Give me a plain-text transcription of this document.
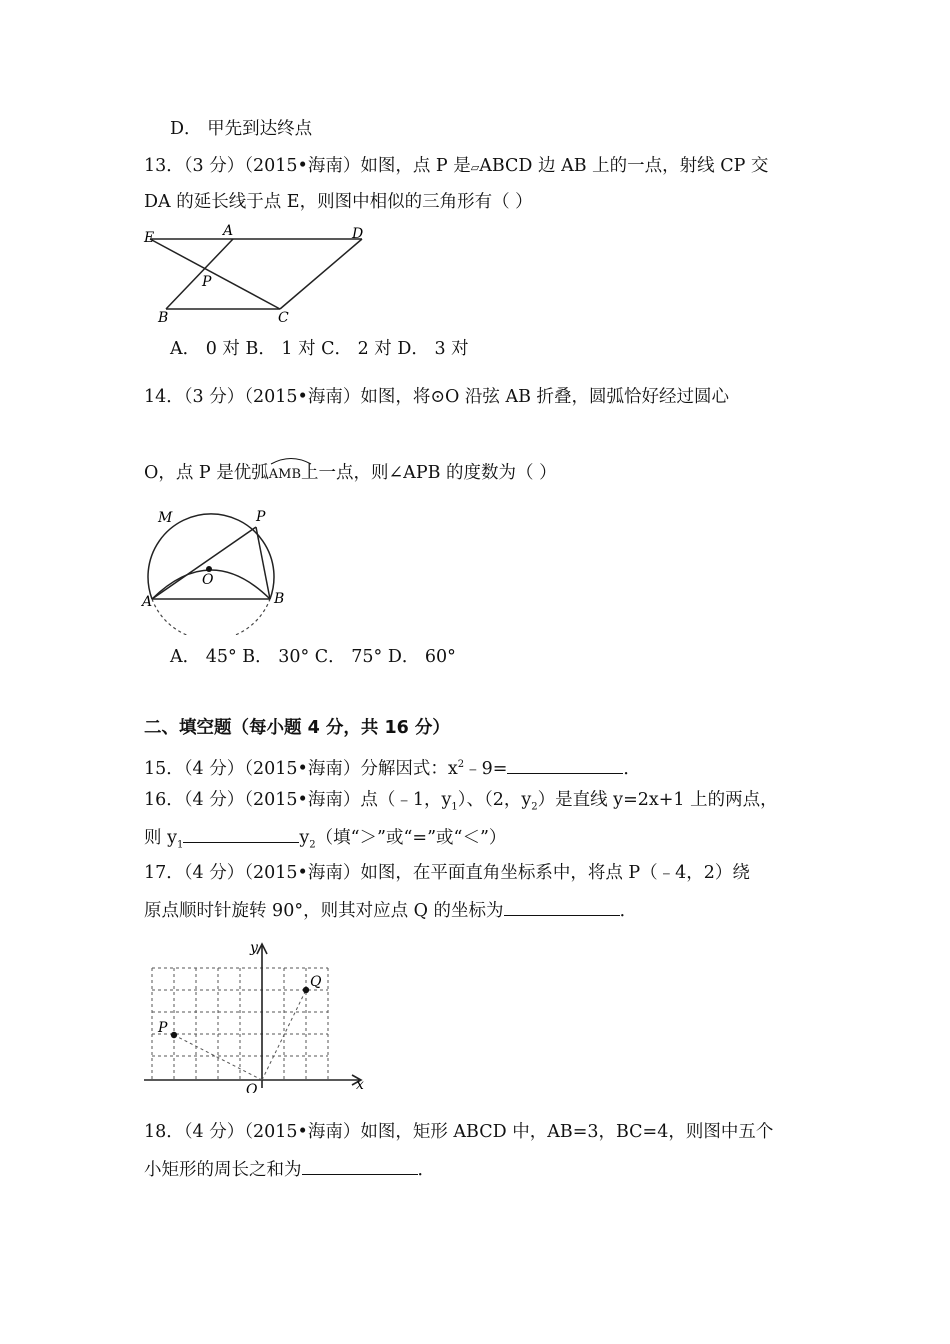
D． 甲先到达终点
13．（3 分）（2015•海南）如图，点 P 是▱ABCD 边 AB 上的一点，射线 CP 交
DA 的延长线于点 E，则图中相似的三角形有（ ）
E	A	D
P
B	C
A． 0 对 B． 1 对 C． 2 对 D． 3 对
14．（3 分）（2015•海南）如图，将⊙O 沿弦 AB 折叠，圆弧恰好经过圆心
O，点 P 是优弧
AMB上一点，则∠APB 的度数为（ ）
M	P
O
A	B
A． 45° B． 30° C． 75° D． 60°
二、填空题（每小题 4 分，共 16 分）
15．（4 分）（2015•海南）分解因式：$x^2﹣9=$	．
16．（4 分）（2015•海南）点（﹣1，$y_1$）、（2，$y_2$）是直线 y=2x+1 上的两点，
则 $y_1$	$y_2$（填“＞”或“=”或“＜”）
17．（4 分）（2015•海南）如图，在平面直角坐标系中，将点 P（﹣4，2）绕
原点顺时针旋转 90°，则其对应点 Q 的坐标为	．
y
x
O
P
Q
18．（4 分）（2015•海南）如图，矩形 ABCD 中，AB=3，BC=4，则图中五个
小矩形的周长之和为	．
